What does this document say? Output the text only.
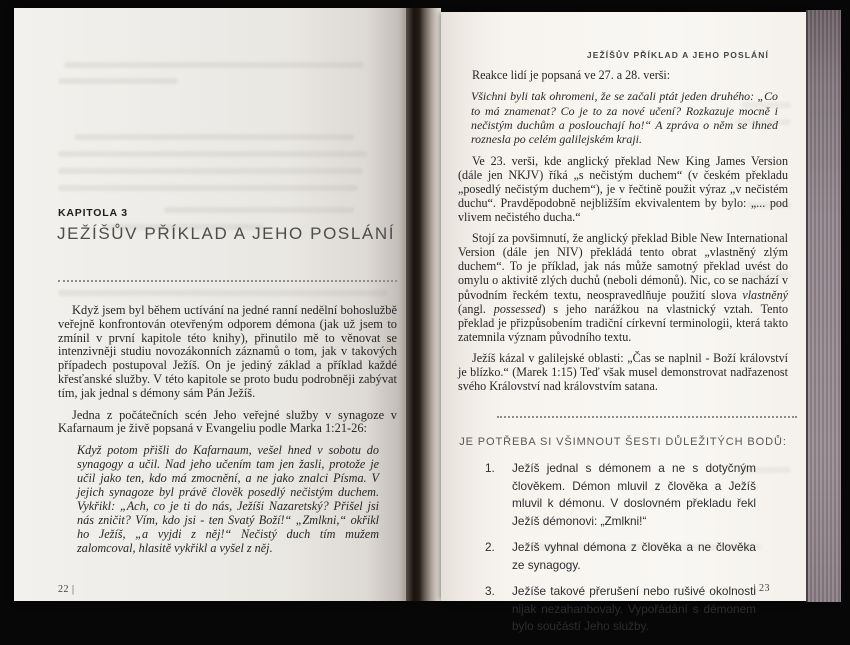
KAPITOLA 3
JEŽÍŠŮV PŘÍKLAD A JEHO POSLÁNÍ

Když jsem byl během uctívání na jedné ranní nedělní bohoslužbě veřejně konfrontován otevřeným odporem démona (jak už jsem to zmínil v první kapitole této knihy), přinutilo mě to věnovat se intenzivněji studiu novozákonních záznamů o tom, jak v takových případech postupoval Ježíš. On je jediný základ a příklad každé křesťanské služby. V této kapitole se proto budu podrobněji zabývat tím, jak jednal s démony sám Pán Ježíš.

Jedna z počátečních scén Jeho veřejné služby v synagoze v Kafarnaum je živě popsaná v Evangeliu podle Marka 1:21-26:

Když potom přišli do Kafarnaum, vešel hned v sobotu do synagogy a učil. Nad jeho učením tam jen žasli, protože je učil jako ten, kdo má zmocnění, a ne jako znalci Písma. V jejich synagoze byl právě člověk posedlý nečistým duchem. Vykřikl: „Ach, co je ti do nás, Ježíši Nazaretský? Přišel jsi nás zničit? Vím, kdo jsi - ten Svatý Boží!“ „Zmlkni,“ okřikl ho Ježíš, „a vyjdi z něj!“ Nečistý duch tím mužem zalomcoval, hlasitě vykřikl a vyšel z něj.
22 |
JEŽÍŠŮV PŘÍKLAD A JEHO POSLÁNÍ

Reakce lidí je popsaná ve 27. a 28. verši:

Všichni byli tak ohromeni, že se začali ptát jeden druhého: „Co to má znamenat? Co je to za nové učení? Rozkazuje mocně i nečistým duchům a poslouchají ho!“ A zpráva o něm se ihned roznesla po celém galilejském kraji.

Ve 23. verši, kde anglický překlad New King James Version (dále jen NKJV) říká „s nečistým duchem“ (v českém překladu „posedlý nečistým duchem“), je v řečtině použit výraz „v nečistém duchu“. Pravděpodobně nejbližším ekvivalentem by bylo: „... pod vlivem nečistého ducha.“

Stojí za povšimnutí, že anglický překlad Bible New International Version (dále jen NIV) překládá tento obrat „vlastněný zlým duchem“. To je příklad, jak nás může samotný překlad uvést do omylu o aktivitě zlých duchů (neboli démonů). Nic, co se nachází v původním řeckém textu, neospravedlňuje použití slova vlastněný (angl. possessed) s jeho narážkou na vlastnický vztah. Tento překlad je přizpůsobením tradiční církevní terminologii, která takto zatemnila význam původního textu.

Ježíš kázal v galilejské oblasti: „Čas se naplnil - Boží království je blízko.“ (Marek 1:15) Teď však musel demonstrovat nadřazenost svého Království nad královstvím satana.

JE POTŘEBA SI VŠIMNOUT ŠESTI DŮLEŽITÝCH BODŮ:
1.	Ježíš jednal s démonem a ne s dotyčným člověkem. Démon mluvil z člověka a Ježíš mluvil k démonu. V doslovném překladu řekl Ježíš démonovi: „Zmlkni!“
2.	Ježíš vyhnal démona z člověka a ne člověka ze synagogy.
3.	Ježíše takové přerušení nebo rušivé okolnosti nijak nezahanbovaly. Vypořádání s démonem bylo součástí Jeho služby.
| 23
